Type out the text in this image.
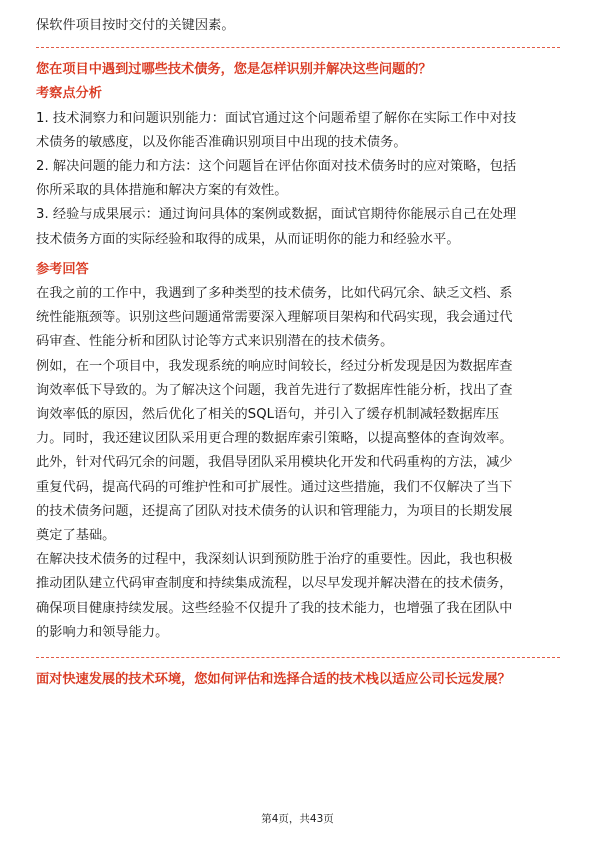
保软件项目按时交付的关键因素。
您在项目中遇到过哪些技术债务，您是怎样识别并解决这些问题的？
考察点分析
1. 技术洞察力和问题识别能力：面试官通过这个问题希望了解你在实际工作中对技
术债务的敏感度，以及你能否准确识别项目中出现的技术债务。
2. 解决问题的能力和方法：这个问题旨在评估你面对技术债务时的应对策略，包括
你所采取的具体措施和解决方案的有效性。
3. 经验与成果展示：通过询问具体的案例或数据，面试官期待你能展示自己在处理
技术债务方面的实际经验和取得的成果，从而证明你的能力和经验水平。
参考回答
在我之前的工作中，我遇到了多种类型的技术债务，比如代码冗余、缺乏文档、系
统性能瓶颈等。识别这些问题通常需要深入理解项目架构和代码实现，我会通过代
码审查、性能分析和团队讨论等方式来识别潜在的技术债务。
例如，在一个项目中，我发现系统的响应时间较长，经过分析发现是因为数据库查
询效率低下导致的。为了解决这个问题，我首先进行了数据库性能分析，找出了查
询效率低的原因，然后优化了相关的SQL语句，并引入了缓存机制减轻数据库压
力。同时，我还建议团队采用更合理的数据库索引策略，以提高整体的查询效率。
此外，针对代码冗余的问题，我倡导团队采用模块化开发和代码重构的方法，减少
重复代码，提高代码的可维护性和可扩展性。通过这些措施，我们不仅解决了当下
的技术债务问题，还提高了团队对技术债务的认识和管理能力，为项目的长期发展
奠定了基础。
在解决技术债务的过程中，我深刻认识到预防胜于治疗的重要性。因此，我也积极
推动团队建立代码审查制度和持续集成流程，以尽早发现并解决潜在的技术债务，
确保项目健康持续发展。这些经验不仅提升了我的技术能力，也增强了我在团队中
的影响力和领导能力。
面对快速发展的技术环境，您如何评估和选择合适的技术栈以适应公司长远发展？
第4页，共43页
